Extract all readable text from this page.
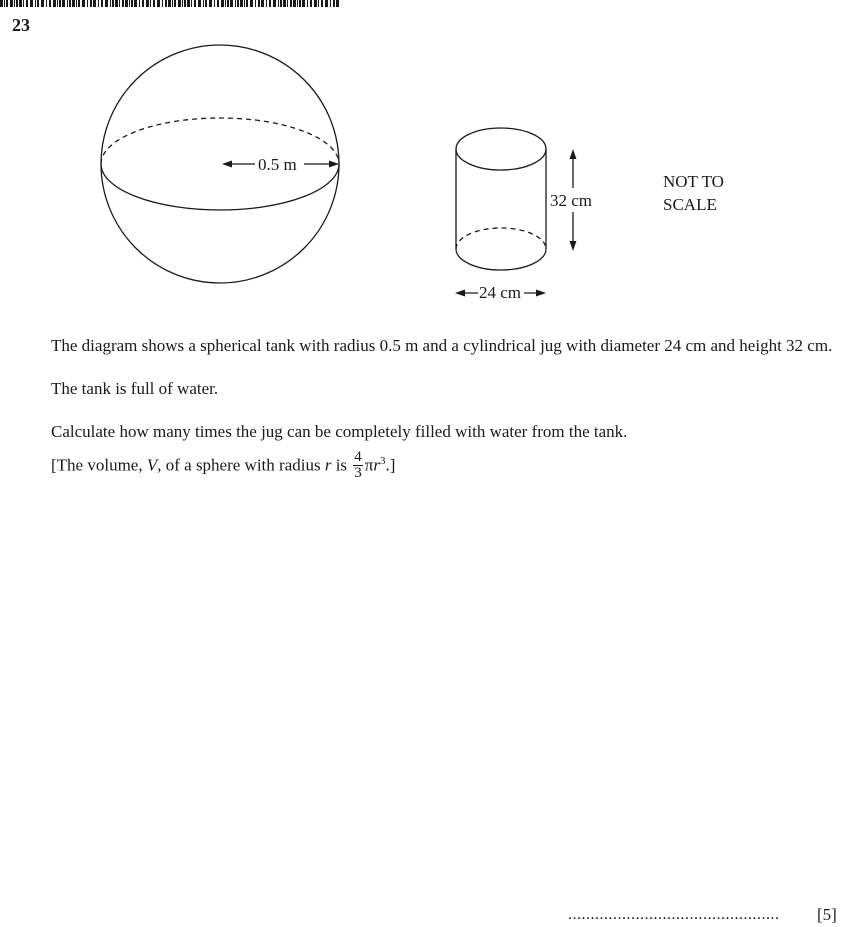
23
0.5 m
32 cm
24 cm
NOT TO
SCALE

The diagram shows a spherical tank with radius 0.5 m and a cylindrical jug with diameter 24 cm and height 32 cm.

The tank is full of water.

Calculate how many times the jug can be completely filled with water from the tank.

[The volume, V, of a sphere with radius r is $\frac{4}{3} \pi r^3$.]

............................................... [5]
